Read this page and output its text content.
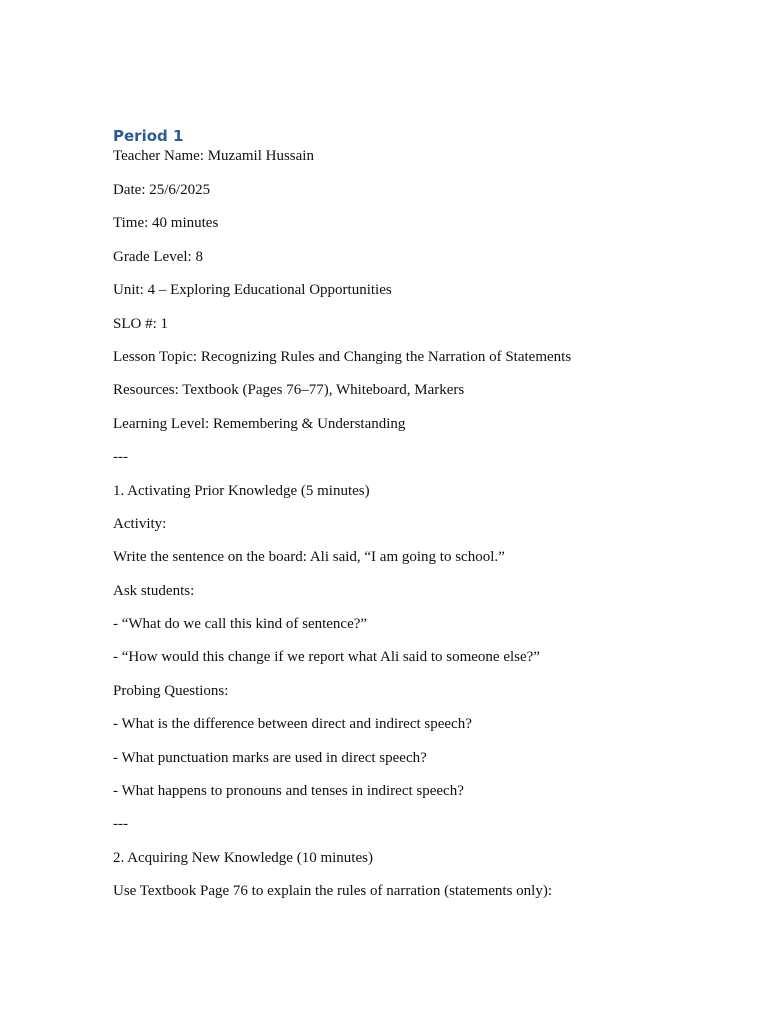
Period 1

Teacher Name: Muzamil Hussain

Date: 25/6/2025

Time: 40 minutes

Grade Level: 8

Unit: 4 – Exploring Educational Opportunities

SLO #: 1

Lesson Topic: Recognizing Rules and Changing the Narration of Statements

Resources: Textbook (Pages 76–77), Whiteboard, Markers

Learning Level: Remembering & Understanding

---

1. Activating Prior Knowledge (5 minutes)

Activity:

Write the sentence on the board: Ali said, “I am going to school.”

Ask students:

- “What do we call this kind of sentence?”

- “How would this change if we report what Ali said to someone else?”

Probing Questions:

- What is the difference between direct and indirect speech?

- What punctuation marks are used in direct speech?

- What happens to pronouns and tenses in indirect speech?

---

2. Acquiring New Knowledge (10 minutes)

Use Textbook Page 76 to explain the rules of narration (statements only):
